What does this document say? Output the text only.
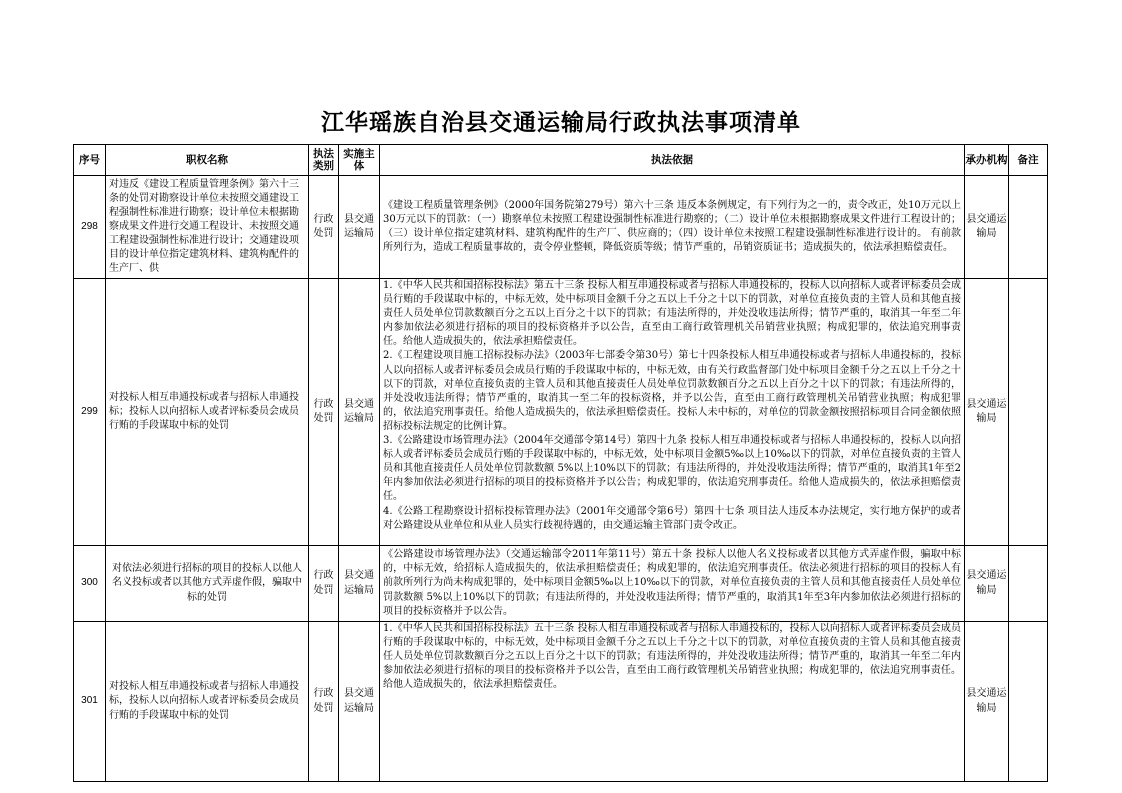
江华瑶族自治县交通运输局行政执法事项清单
序号	职权名称	执法类别	实施主体	执法依据	承办机构	备注
298	对违反《建设工程质量管理条例》第六十三条的处罚对勘察设计单位未按照交通建设工程强制性标准进行勘察；设计单位未根据勘察成果文件进行交通工程设计、未按照交通工程建设强制性标准进行设计；交通建设项目的设计单位指定建筑材料、建筑构配件的生产厂、供	行政处罚	县交通运输局	《建设工程质量管理条例》（2000年国务院第279号）第六十三条 违反本条例规定，有下列行为之一的，责令改正，处10万元以上30万元以下的罚款：（一）勘察单位未按照工程建设强制性标准进行勘察的；（二）设计单位未根据勘察成果文件进行工程设计的；（三）设计单位指定建筑材料、建筑构配件的生产厂、供应商的；（四）设计单位未按照工程建设强制性标准进行设计的。 有前款所列行为，造成工程质量事故的，责令停业整顿，降低资质等级；情节严重的，吊销资质证书；造成损失的，依法承担赔偿责任。	县交通运输局	
299	对投标人相互串通投标或者与招标人串通投标；投标人以向招标人或者评标委员会成员行贿的手段谋取中标的处罚	行政处罚	县交通运输局	1.《中华人民共和国招标投标法》第五十三条 投标人相互串通投标或者与招标人串通投标的，投标人以向招标人或者评标委员会成员行贿的手段谋取中标的，中标无效，处中标项目金额千分之五以上千分之十以下的罚款，对单位直接负责的主管人员和其他直接责任人员处单位罚款数额百分之五以上百分之十以下的罚款；有违法所得的，并处没收违法所得；情节严重的，取消其一年至二年内参加依法必须进行招标的项目的投标资格并予以公告，直至由工商行政管理机关吊销营业执照；构成犯罪的，依法追究刑事责任。给他人造成损失的，依法承担赔偿责任。

2.《工程建设项目施工招标投标办法》（2003年七部委令第30号）第七十四条投标人相互串通投标或者与招标人串通投标的，投标人以向招标人或者评标委员会成员行贿的手段谋取中标的，中标无效，由有关行政监督部门处中标项目金额千分之五以上千分之十以下的罚款，对单位直接负责的主管人员和其他直接责任人员处单位罚款数额百分之五以上百分之十以下的罚款；有违法所得的，并处没收违法所得；情节严重的，取消其一至二年的投标资格，并予以公告，直至由工商行政管理机关吊销营业执照；构成犯罪的，依法追究刑事责任。给他人造成损失的，依法承担赔偿责任。投标人未中标的，对单位的罚款金额按照招标项目合同金额依照招标投标法规定的比例计算。

3.《公路建设市场管理办法》（2004年交通部令第14号）第四十九条 投标人相互串通投标或者与招标人串通投标的，投标人以向招标人或者评标委员会成员行贿的手段谋取中标的，中标无效，处中标项目金额5‰以上10‰以下的罚款，对单位直接负责的主管人员和其他直接责任人员处单位罚款数额 5%以上10%以下的罚款；有违法所得的，并处没收违法所得；情节严重的，取消其1年至2年内参加依法必须进行招标的项目的投标资格并予以公告；构成犯罪的，依法追究刑事责任。给他人造成损失的，依法承担赔偿责任。

4.《公路工程勘察设计招标投标管理办法》（2001年交通部令第6号）第四十七条 项目法人违反本办法规定，实行地方保护的或者对公路建设从业单位和从业人员实行歧视待遇的，由交通运输主管部门责令改正。	县交通运输局	
300	对依法必须进行招标的项目的投标人以他人名义投标或者以其他方式弄虚作假，骗取中标的处罚	行政处罚	县交通运输局	《公路建设市场管理办法》（交通运输部令2011年第11号）第五十条 投标人以他人名义投标或者以其他方式弄虚作假，骗取中标的，中标无效，给招标人造成损失的，依法承担赔偿责任；构成犯罪的，依法追究刑事责任。依法必须进行招标的项目的投标人有前款所列行为尚未构成犯罪的，处中标项目金额5‰以上10‰以下的罚款，对单位直接负责的主管人员和其他直接责任人员处单位罚款数额 5%以上10%以下的罚款；有违法所得的，并处没收违法所得；情节严重的，取消其1年至3年内参加依法必须进行招标的项目的投标资格并予以公告。	县交通运输局	
301	对投标人相互串通投标或者与招标人串通投标，投标人以向招标人或者评标委员会成员行贿的手段谋取中标的处罚	行政处罚	县交通运输局	1.《中华人民共和国招标投标法》五十三条 投标人相互串通投标或者与招标人串通投标的，投标人以向招标人或者评标委员会成员行贿的手段谋取中标的，中标无效，处中标项目金额千分之五以上千分之十以下的罚款，对单位直接负责的主管人员和其他直接责任人员处单位罚款数额百分之五以上百分之十以下的罚款；有违法所得的，并处没收违法所得；情节严重的，取消其一年至二年内参加依法必须进行招标的项目的投标资格并予以公告，直至由工商行政管理机关吊销营业执照；构成犯罪的，依法追究刑事责任。给他人造成损失的，依法承担赔偿责任。	县交通运输局	
